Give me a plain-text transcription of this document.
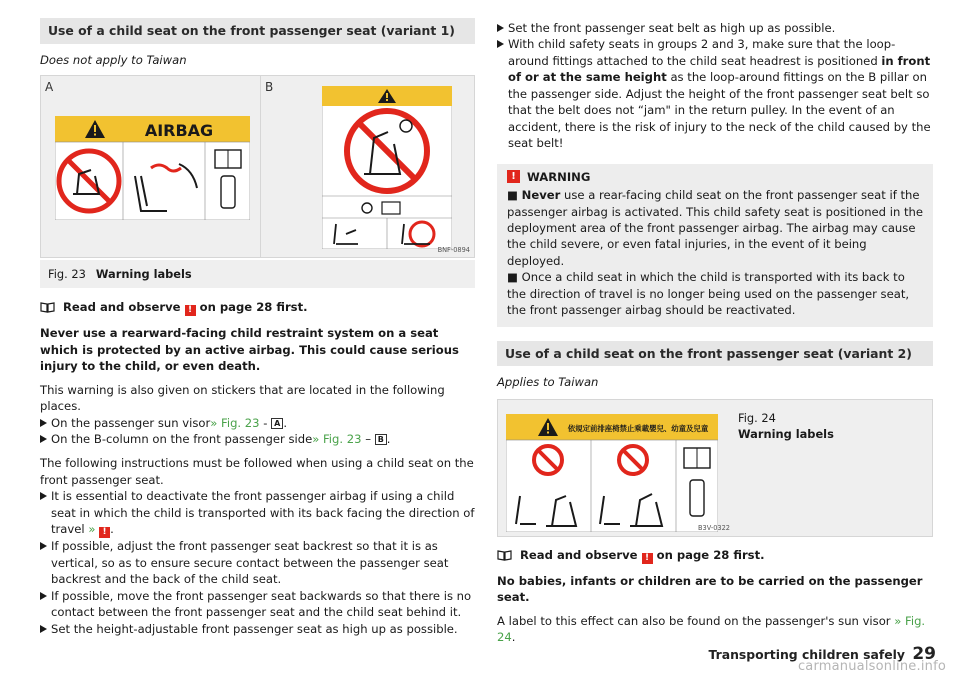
Use of a child seat on the front passenger seat (variant 1)
Does not apply to Taiwan
A	B
AIRBAG
BNF-0894
Fig. 23 Warning labels
Read and observe ! on page 28 first.

Never use a rearward-facing child restraint system on a seat which is protected by an active airbag. This could cause serious injury to the child, or even death.

This warning is also given on stickers that are located in the following places.

On the passenger sun visor» Fig. 23 - A .
On the B-column on the front passenger side» Fig. 23 – B .

The following instructions must be followed when using a child seat on the front passenger seat.

It is essential to deactivate the front passenger airbag if using a child seat in which the child is transported with its back facing the direction of travel » ! .
If possible, adjust the front passenger seat backrest so that it is as vertical, so as to ensure secure contact between the passenger seat backrest and the back of the child seat.
If possible, move the front passenger seat backwards so that there is no contact between the front passenger seat and the child seat behind it.
Set the height-adjustable front passenger seat as high up as possible.
Set the front passenger seat belt as high up as possible.
With child safety seats in groups 2 and 3, make sure that the loop-around fittings attached to the child seat headrest is positioned in front of or at the same height as the loop-around fittings on the B pillar on the passenger side. Adjust the height of the front passenger seat belt so that the belt does not “jam" in the return pulley. In the event of an accident, there is the risk of injury to the neck of the child caused by the seat belt!
! WARNING

■ Never use a rear-facing child seat on the front passenger seat if the passenger airbag is activated. This child safety seat is positioned in the deployment area of the front passenger airbag. The airbag may cause the child severe, or even fatal injuries, in the event of it being deployed.

■ Once a child seat in which the child is transported with its back to the direction of travel is no longer being used on the passenger seat, the front passenger airbag should be reactivated.

Use of a child seat on the front passenger seat (variant 2)
Applies to Taiwan
依規定前排座椅禁止乘載嬰兒、幼童及兒童
B3V-0322
Fig. 24
Warning labels
Read and observe ! on page 28 first.

No babies, infants or children are to be carried on the passenger seat.

A label to this effect can also be found on the passenger's sun visor » Fig. 24.

Transporting children safely 29
carmanualsonline.info
